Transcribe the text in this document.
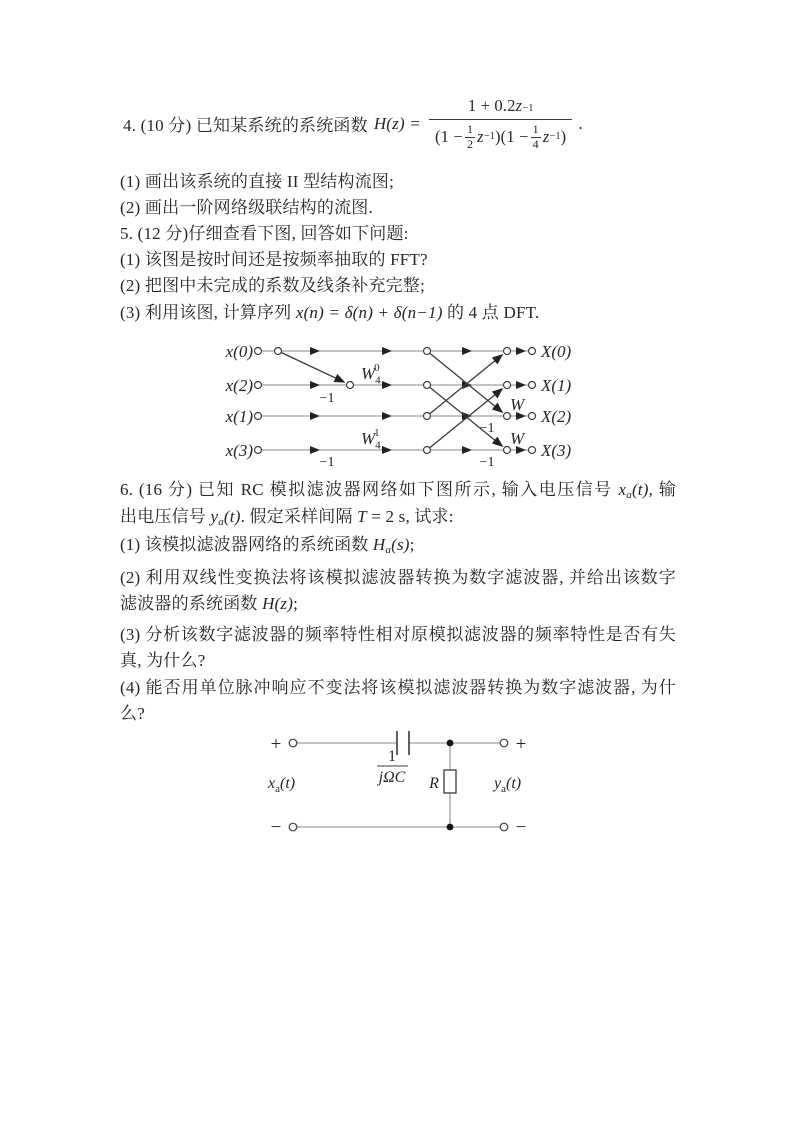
4. (10 分) 已知某系统的系统函数 H(z) =
1 + 0.2 z −1
($1 - \frac{1}{2}$ z −1 )($1 - \frac{1}{4}$ z −1 )
.
(1) 画出该系统的直接 II 型结构流图;
(2) 画出一阶网络级联结构的流图.
5. (12 分)仔细查看下图, 回答如下问题:
(1) 该图是按时间还是按频率抽取的 FFT?
(2) 把图中未完成的系数及线条补充完整;
(3) 利用该图, 计算序列 x(n) = δ(n) + δ(n−1) 的 4 点 DFT.
x(0)
x(2)
x(1)
x(3)
X(0)
X(1)
X(2)
X(3)
$W_40$
$W_41$
W
W
−1
−1
−1
−1
6. (16 分) 已知 RC 模拟滤波器网络如下图所示, 输入电压信号 $x_a(t)$, 输
出电压信号 $y_a(t)$. 假定采样间隔 T = 2 s, 试求:
(1) 该模拟滤波器网络的系统函数 $H_a(s)$;
(2) 利用双线性变换法将该模拟滤波器转换为数字滤波器, 并给出该数字
滤波器的系统函数 H(z);
(3) 分析该数字滤波器的频率特性相对原模拟滤波器的频率特性是否有失
真, 为什么?
(4) 能否用单位脉冲响应不变法将该模拟滤波器转换为数字滤波器, 为什
么?
+	+
−	−
1
jΩC R
$x_a(t)$	$y_a(t)$
